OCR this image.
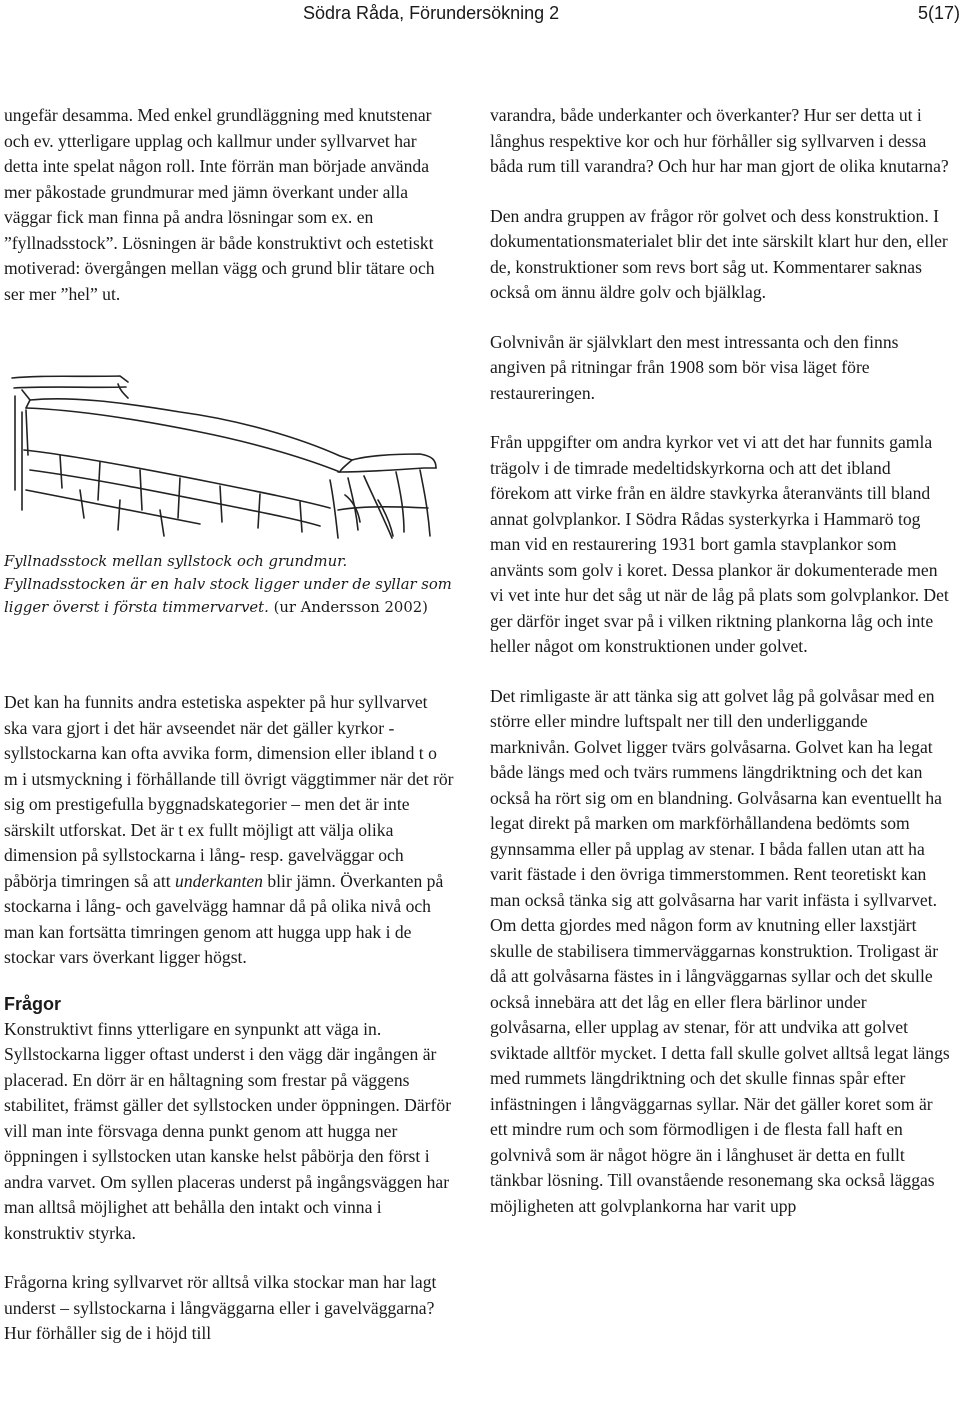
Södra Råda, Förundersökning 2	5(17)

ungefär desamma. Med enkel grundläggning med knutstenar och ev. ytterligare upplag och kallmur under syllvarvet har detta inte spelat någon roll. Inte förrän man började använda mer påkostade grundmurar med jämn överkant under alla väggar fick man finna på andra lösningar som ex. en ”fyllnadsstock”. Lösningen är både konstruktivt och estetiskt motiverad: övergången mellan vägg och grund blir tätare och ser mer ”hel” ut.

Fyllnadsstock mellan syllstock och grundmur. Fyllnadsstocken är en halv stock ligger under de syllar som ligger överst i första timmervarvet. (ur Andersson 2002)

Det kan ha funnits andra estetiska aspekter på hur syllvarvet ska vara gjort i det här avseendet när det gäller kyrkor - syllstockarna kan ofta avvika form, dimension eller ibland t o m i utsmyckning i förhållande till övrigt väggtimmer när det rör sig om prestigefulla byggnadskategorier – men det är inte särskilt utforskat. Det är t ex fullt möjligt att välja olika dimension på syllstockarna i lång- resp. gavelväggar och påbörja timringen så att underkanten blir jämn. Överkanten på stockarna i lång- och gavelvägg hamnar då på olika nivå och man kan fortsätta timringen genom att hugga upp hak i de stockar vars överkant ligger högst.

Frågor

Konstruktivt finns ytterligare en synpunkt att väga in. Syllstockarna ligger oftast underst i den vägg där ingången är placerad. En dörr är en håltagning som frestar på väggens stabilitet, främst gäller det syllstocken under öppningen. Därför vill man inte försvaga denna punkt genom att hugga ner öppningen i syllstocken utan kanske helst påbörja den först i andra varvet. Om syllen placeras underst på ingångsväggen har man alltså möjlighet att behålla den intakt och vinna i konstruktiv styrka.

Frågorna kring syllvarvet rör alltså vilka stockar man har lagt underst – syllstockarna i långväggarna eller i gavelväggarna? Hur förhåller sig de i höjd till

varandra, både underkanter och överkanter? Hur ser detta ut i långhus respektive kor och hur förhåller sig syllvarven i dessa båda rum till varandra? Och hur har man gjort de olika knutarna?

Den andra gruppen av frågor rör golvet och dess konstruktion. I dokumentationsmaterialet blir det inte särskilt klart hur den, eller de, konstruktioner som revs bort såg ut. Kommentarer saknas också om ännu äldre golv och bjälklag.

Golvnivån är självklart den mest intressanta och den finns angiven på ritningar från 1908 som bör visa läget före restaureringen.

Från uppgifter om andra kyrkor vet vi att det har funnits gamla trägolv i de timrade medeltidskyrkorna och att det ibland förekom att virke från en äldre stavkyrka återanvänts till bland annat golvplankor. I Södra Rådas systerkyrka i Hammarö tog man vid en restaurering 1931 bort gamla stavplankor som använts som golv i koret. Dessa plankor är dokumenterade men vi vet inte hur det såg ut när de låg på plats som golvplankor. Det ger därför inget svar på i vilken riktning plankorna låg och inte heller något om konstruktionen under golvet.

Det rimligaste är att tänka sig att golvet låg på golvåsar med en större eller mindre luftspalt ner till den underliggande marknivån. Golvet ligger tvärs golvåsarna. Golvet kan ha legat både längs med och tvärs rummens längdriktning och det kan också ha rört sig om en blandning. Golvåsarna kan eventuellt ha legat direkt på marken om markförhållandena bedömts som gynnsamma eller på upplag av stenar. I båda fallen utan att ha varit fästade i den övriga timmerstommen. Rent teoretiskt kan man också tänka sig att golvåsarna har varit infästa i syllvarvet. Om detta gjordes med någon form av knutning eller laxstjärt skulle de stabilisera timmerväggarnas konstruktion. Troligast är då att golvåsarna fästes in i långväggarnas syllar och det skulle också innebära att det låg en eller flera bärlinor under golvåsarna, eller upplag av stenar, för att undvika att golvet sviktade alltför mycket. I detta fall skulle golvet alltså legat längs med rummets längdriktning och det skulle finnas spår efter infästningen i långväggarnas syllar. När det gäller koret som är ett mindre rum och som förmodligen i de flesta fall haft en golvnivå som är något högre än i långhuset är detta en fullt tänkbar lösning. Till ovanstående resonemang ska också läggas möjligheten att golvplankorna har varit upp
